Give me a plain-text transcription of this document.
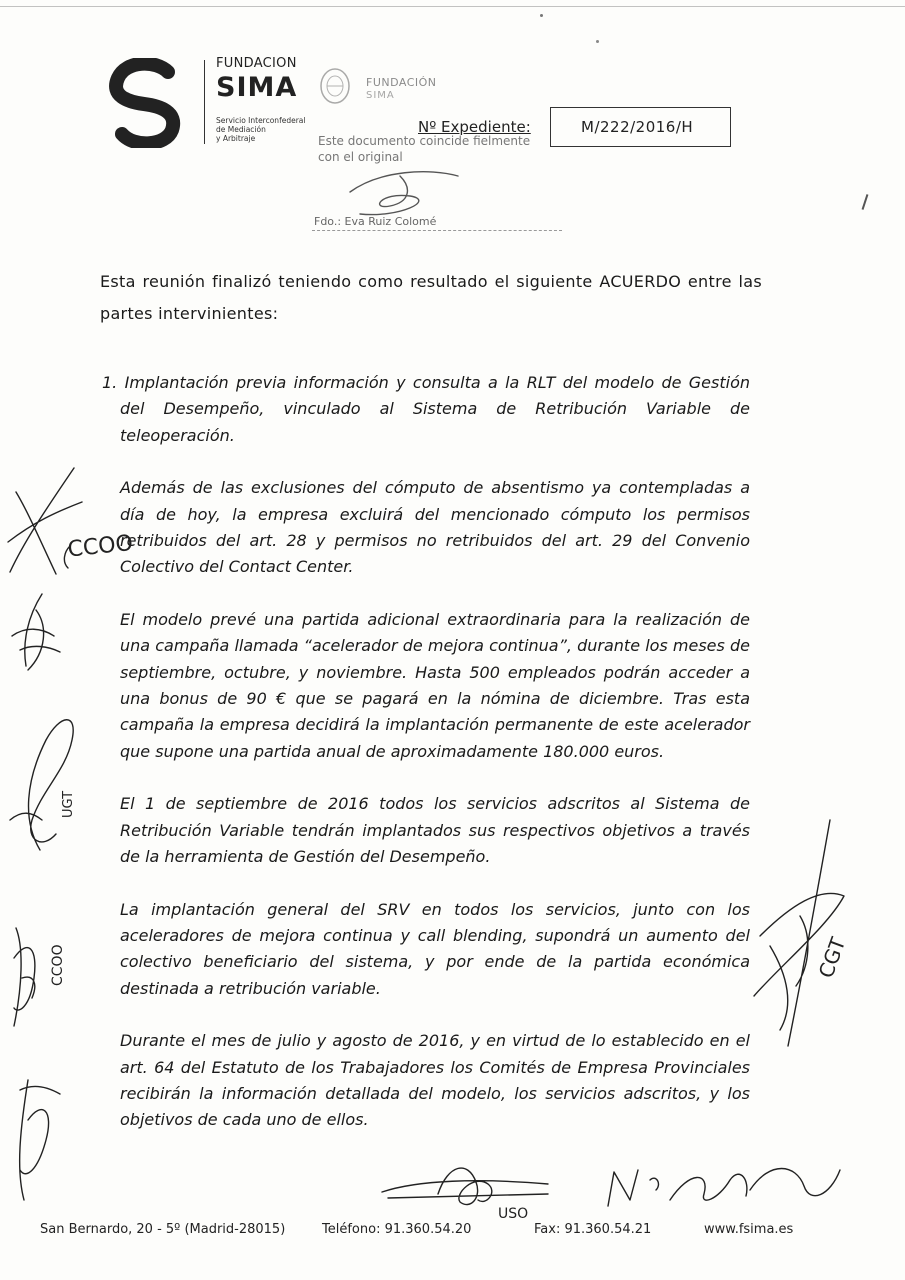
FUNDACION
SIMA
Servicio Interconfederal
de Mediación
y Arbitraje
FUNDACIÓN
SIMA
Este documento coincide fielmente
con el original
Fdo.: Eva Ruiz Colomé
Nº Expediente:	M/222/2016/H
Esta reunión finalizó teniendo como resultado el siguiente ACUERDO entre las partes intervinientes:

1. Implantación previa información y consulta a la RLT del modelo de Gestión del Desempeño, vinculado al Sistema de Retribución Variable de teleoperación.

Además de las exclusiones del cómputo de absentismo ya contempladas a día de hoy, la empresa excluirá del mencionado cómputo los permisos retribuidos del art. 28 y permisos no retribuidos del art. 29 del Convenio Colectivo del Contact Center.

El modelo prevé una partida adicional extraordinaria para la realización de una campaña llamada “acelerador de mejora continua”, durante los meses de septiembre, octubre, y noviembre. Hasta 500 empleados podrán acceder a una bonus de 90 € que se pagará en la nómina de diciembre. Tras esta campaña la empresa decidirá la implantación permanente de este acelerador que supone una partida anual de aproximadamente 180.000 euros.

El 1 de septiembre de 2016 todos los servicios adscritos al Sistema de Retribución Variable tendrán implantados sus respectivos objetivos a través de la herramienta de Gestión del Desempeño.

La implantación general del SRV en todos los servicios, junto con los aceleradores de mejora continua y call blending, supondrá un aumento del colectivo beneficiario del sistema, y por ende de la partida económica destinada a retribución variable.

Durante el mes de julio y agosto de 2016, y en virtud de lo establecido en el art. 64 del Estatuto de los Trabajadores los Comités de Empresa Provinciales recibirán la información detallada del modelo, los servicios adscritos, y los objetivos de cada uno de ellos.

CCOO
UGT
CCOO	CGT
USO
San Bernardo, 20 - 5º (Madrid-28015)	Teléfono: 91.360.54.20	Fax: 91.360.54.21	www.fsima.es
